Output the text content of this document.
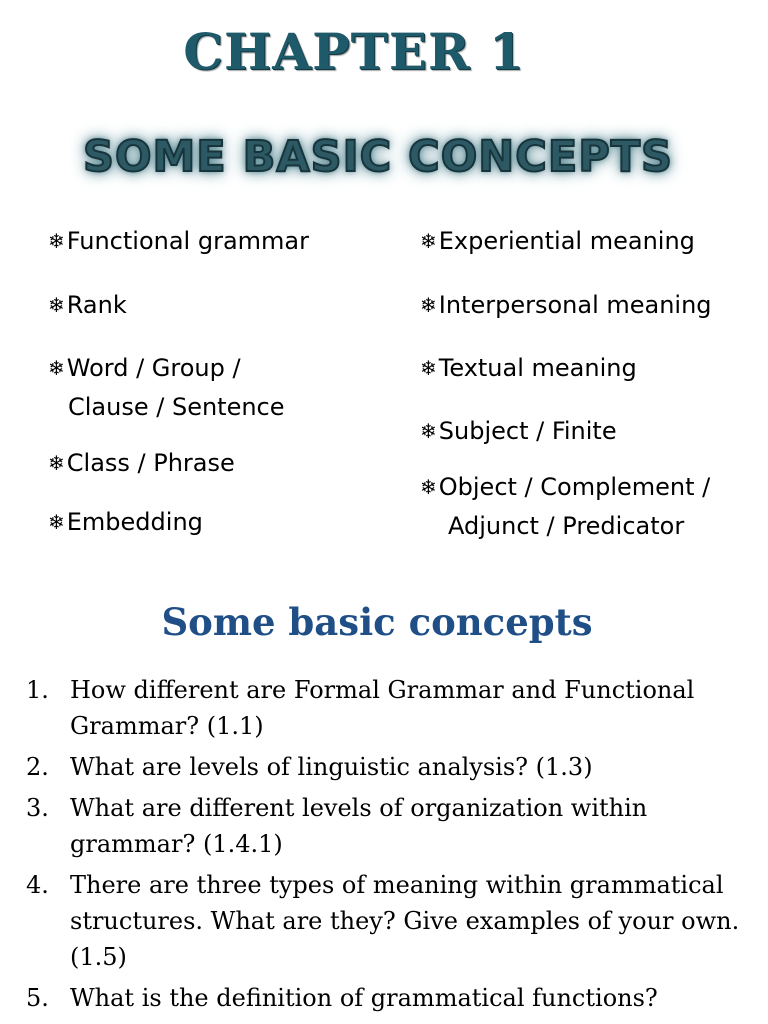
CHAPTER 1
SOME BASIC CONCEPTS
❄Functional grammar
❄Rank
❄Word / Group /
Clause / Sentence
❄Class / Phrase
❄Embedding
❄Experiential meaning
❄Interpersonal meaning
❄Textual meaning
❄Subject / Finite
❄Object / Complement /
Adjunct / Predicator
Some basic concepts
1. How different are Formal Grammar and Functional Grammar? (1.1)
2. What are levels of linguistic analysis? (1.3)
3. What are different levels of organization within grammar? (1.4.1)
4. There are three types of meaning within grammatical structures. What are they? Give examples of your own. (1.5)
5. What is the definition of grammatical functions?
